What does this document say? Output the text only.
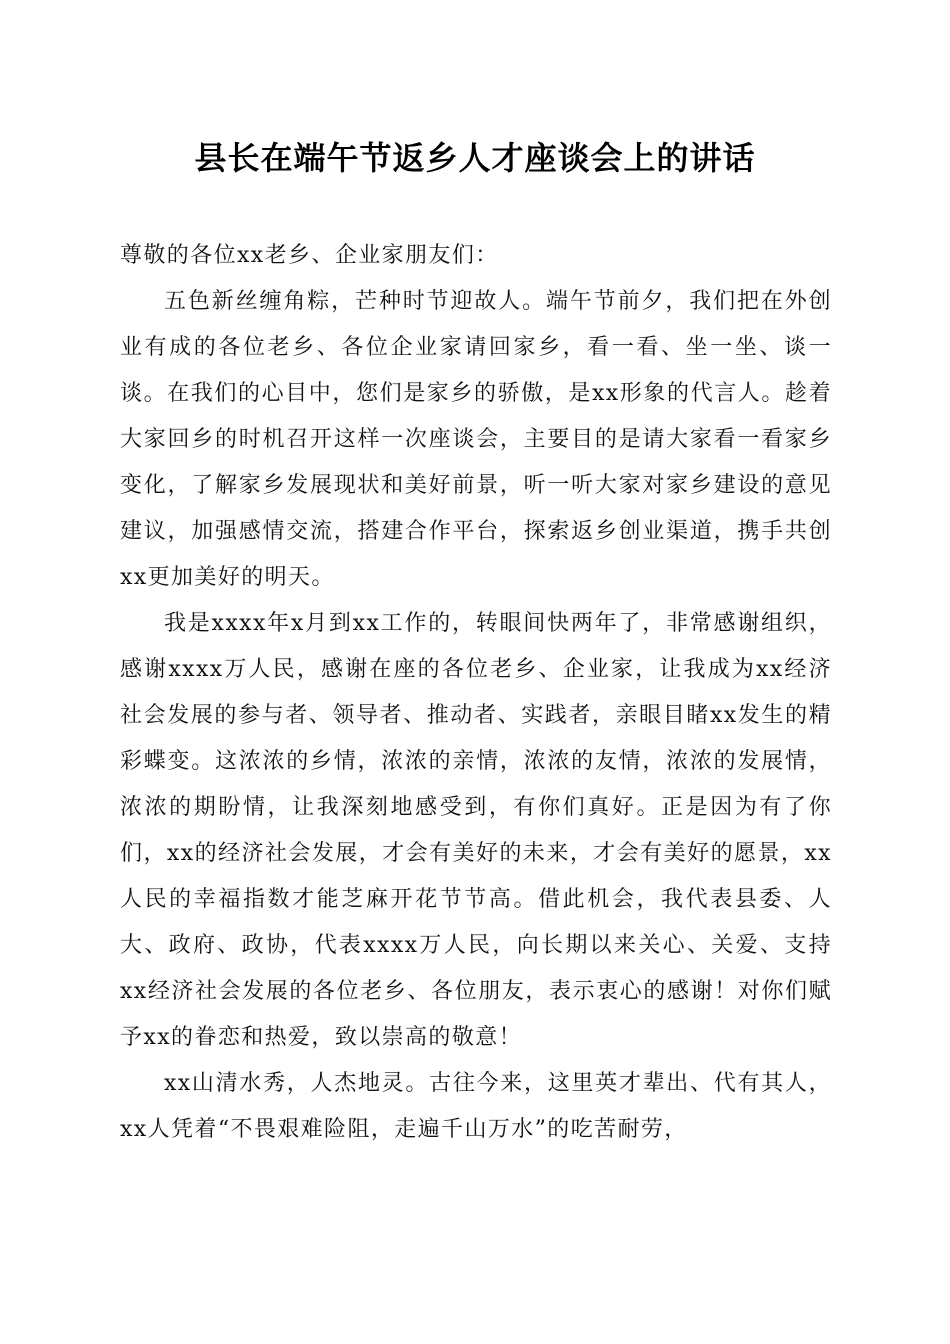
县长在端午节返乡人才座谈会上的讲话

尊敬的各位xx老乡、企业家朋友们：

五色新丝缠角粽，芒种时节迎故人。端午节前夕，我们把在外创业有成的各位老乡、各位企业家请回家乡，看一看、坐一坐、谈一谈。在我们的心目中，您们是家乡的骄傲，是xx形象的代言人。趁着大家回乡的时机召开这样一次座谈会，主要目的是请大家看一看家乡变化，了解家乡发展现状和美好前景，听一听大家对家乡建设的意见建议，加强感情交流，搭建合作平台，探索返乡创业渠道，携手共创xx更加美好的明天。

我是xxxx年x月到xx工作的，转眼间快两年了，非常感谢组织，感谢xxxx万人民，感谢在座的各位老乡、企业家，让我成为xx经济社会发展的参与者、领导者、推动者、实践者，亲眼目睹xx发生的精彩蝶变。这浓浓的乡情，浓浓的亲情，浓浓的友情，浓浓的发展情，浓浓的期盼情，让我深刻地感受到，有你们真好。正是因为有了你们，xx的经济社会发展，才会有美好的未来，才会有美好的愿景，xx人民的幸福指数才能芝麻开花节节高。借此机会，我代表县委、人大、政府、政协，代表xxxx万人民，向长期以来关心、关爱、支持xx经济社会发展的各位老乡、各位朋友，表示衷心的感谢！对你们赋予xx的眷恋和热爱，致以崇高的敬意！

xx山清水秀，人杰地灵。古往今来，这里英才辈出、代有其人，xx人凭着“不畏艰难险阻，走遍千山万水”的吃苦耐劳，
